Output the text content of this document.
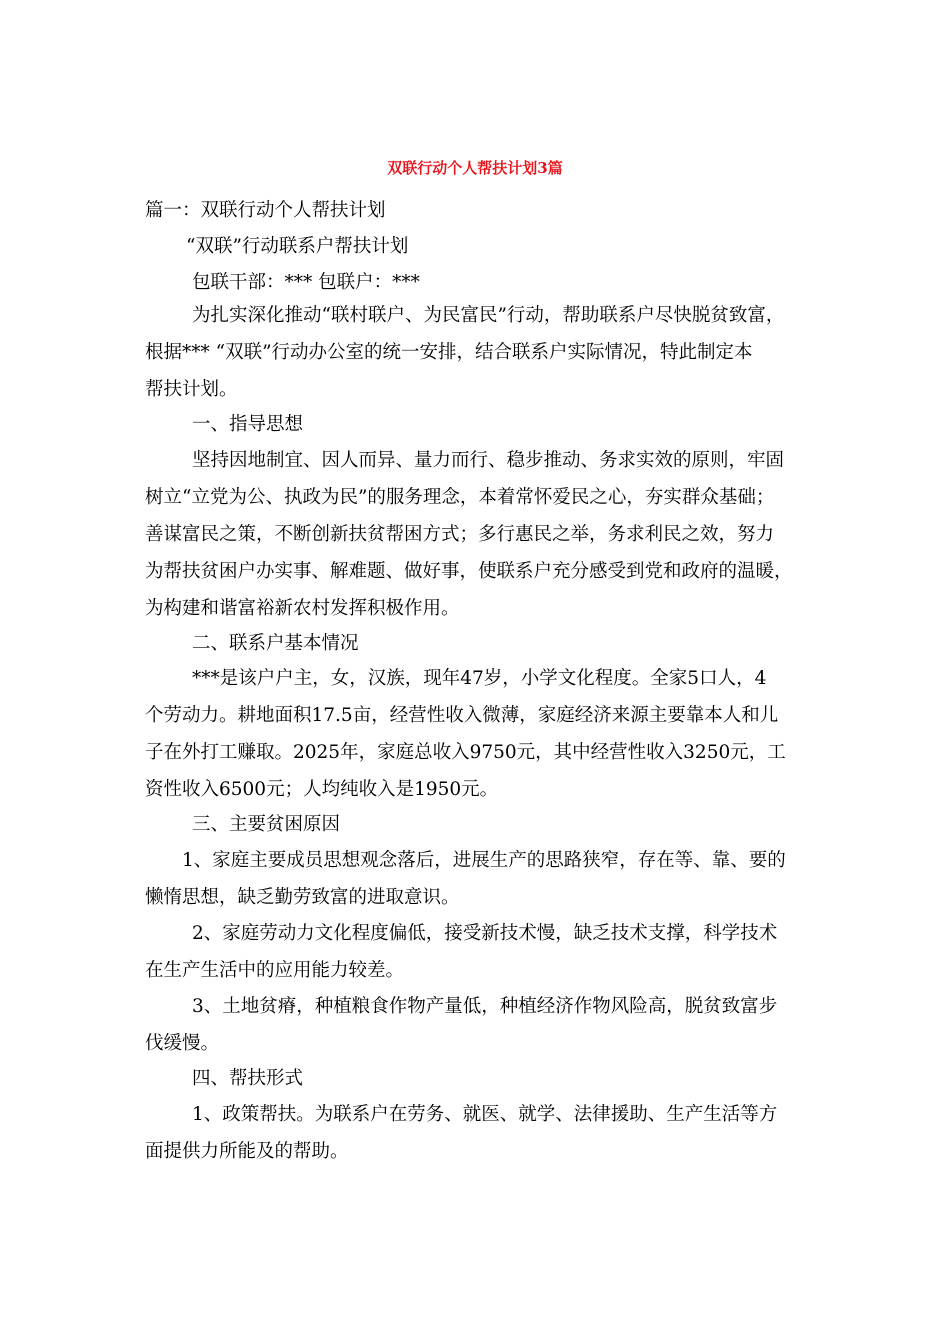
双联行动个人帮扶计划3篇
篇一：双联行动个人帮扶计划
“双联”行动联系户帮扶计划
包联干部：*** 包联户：***
为扎实深化推动“联村联户、为民富民”行动，帮助联系户尽快脱贫致富，
根据*** “双联”行动办公室的统一安排，结合联系户实际情况，特此制定本
帮扶计划。
一、指导思想
坚持因地制宜、因人而异、量力而行、稳步推动、务求实效的原则，牢固
树立“立党为公、执政为民”的服务理念，本着常怀爱民之心，夯实群众基础；
善谋富民之策，不断创新扶贫帮困方式；多行惠民之举，务求利民之效，努力
为帮扶贫困户办实事、解难题、做好事，使联系户充分感受到党和政府的温暖，
为构建和谐富裕新农村发挥积极作用。
二、联系户基本情况
***是该户户主，女，汉族，现年47岁，小学文化程度。全家5口人，4
个劳动力。耕地面积17.5亩，经营性收入微薄，家庭经济来源主要靠本人和儿
子在外打工赚取。2025年，家庭总收入9750元，其中经营性收入3250元，工
资性收入6500元；人均纯收入是1950元。
三、主要贫困原因
1、家庭主要成员思想观念落后，进展生产的思路狭窄，存在等、靠、要的
懒惰思想，缺乏勤劳致富的进取意识。
2、家庭劳动力文化程度偏低，接受新技术慢，缺乏技术支撑，科学技术
在生产生活中的应用能力较差。
3、土地贫瘠，种植粮食作物产量低，种植经济作物风险高，脱贫致富步
伐缓慢。
四、帮扶形式
1、政策帮扶。为联系户在劳务、就医、就学、法律援助、生产生活等方
面提供力所能及的帮助。
